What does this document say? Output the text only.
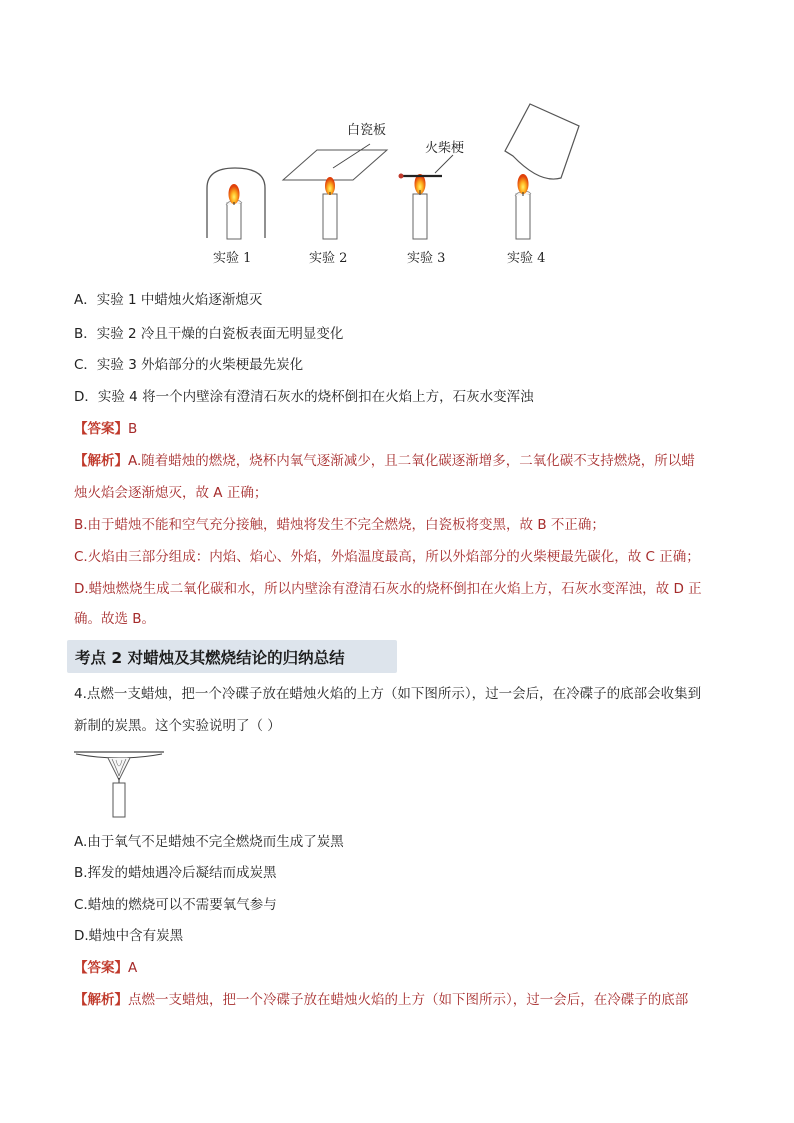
白瓷板
火柴梗
实验 1	实验 2	实验 3	实验 4
A．实验 1 中蜡烛火焰逐渐熄灭
B．实验 2 冷且干燥的白瓷板表面无明显变化
C．实验 3 外焰部分的火柴梗最先炭化
D．实验 4 将一个内壁涂有澄清石灰水的烧杯倒扣在火焰上方，石灰水变浑浊
【答案】B
【解析】A.随着蜡烛的燃烧，烧杯内氧气逐渐减少，且二氧化碳逐渐增多，二氧化碳不支持燃烧，所以蜡
烛火焰会逐渐熄灭，故 A 正确；
B.由于蜡烛不能和空气充分接触，蜡烛将发生不完全燃烧，白瓷板将变黑，故 B 不正确；
C.火焰由三部分组成：内焰、焰心、外焰，外焰温度最高，所以外焰部分的火柴梗最先碳化，故 C 正确；
D.蜡烛燃烧生成二氧化碳和水，所以内壁涂有澄清石灰水的烧杯倒扣在火焰上方，石灰水变浑浊，故 D 正
确。故选 B。
考点 2 对蜡烛及其燃烧结论的归纳总结
4.点燃一支蜡烛，把一个冷碟子放在蜡烛火焰的上方（如下图所示），过一会后，在冷碟子的底部会收集到
新制的炭黑。这个实验说明了（ ）
A.由于氧气不足蜡烛不完全燃烧而生成了炭黑
B.挥发的蜡烛遇冷后凝结而成炭黑
C.蜡烛的燃烧可以不需要氧气参与
D.蜡烛中含有炭黑
【答案】A
【解析】点燃一支蜡烛，把一个冷碟子放在蜡烛火焰的上方（如下图所示），过一会后，在冷碟子的底部
